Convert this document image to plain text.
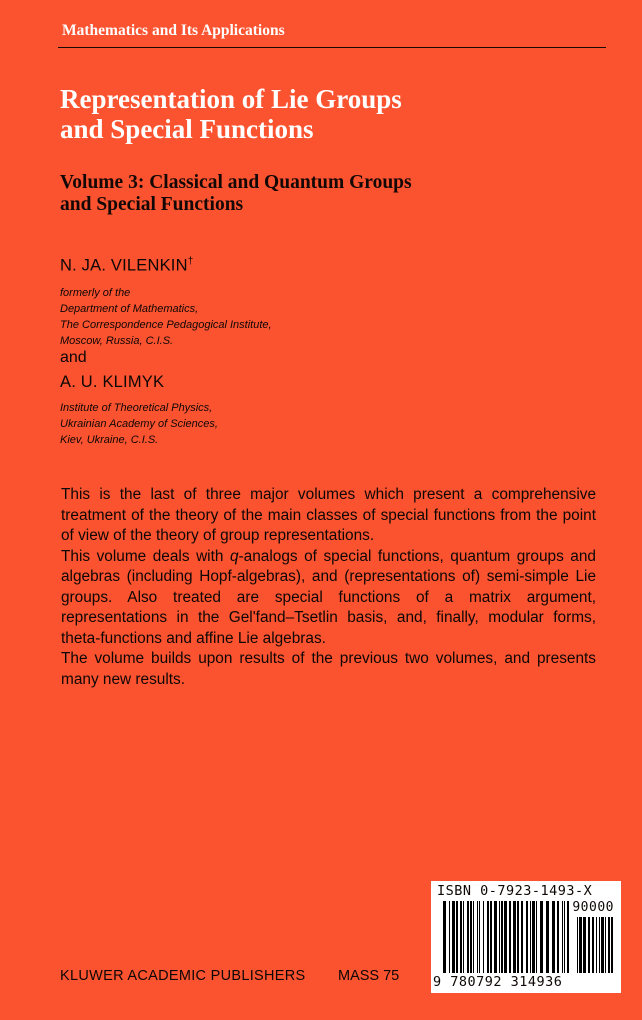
Mathematics and Its Applications
Representation of Lie Groups
and Special Functions
Volume 3: Classical and Quantum Groups
and Special Functions
N. JA. VILENKIN†
formerly of the
Department of Mathematics,
The Correspondence Pedagogical Institute,
Moscow, Russia, C.I.S.
and
A. U. KLIMYK
Institute of Theoretical Physics,
Ukrainian Academy of Sciences,
Kiev, Ukraine, C.I.S.

This is the last of three major volumes which present a comprehensive treatment of the theory of the main classes of special functions from the point of view of the theory of group representations.

This volume deals with q-analogs of special functions, quantum groups and algebras (including Hopf-algebras), and (representations of) semi-simple Lie groups. Also treated are special functions of a matrix argument, representations in the Gel'fand–Tsetlin basis, and, finally, modular forms, theta-functions and affine Lie algebras.

The volume builds upon results of the previous two volumes, and presents many new results.

KLUWER ACADEMIC PUBLISHERS MASS 75
ISBN 0-7923-1493-X
90000
9 780792 314936
